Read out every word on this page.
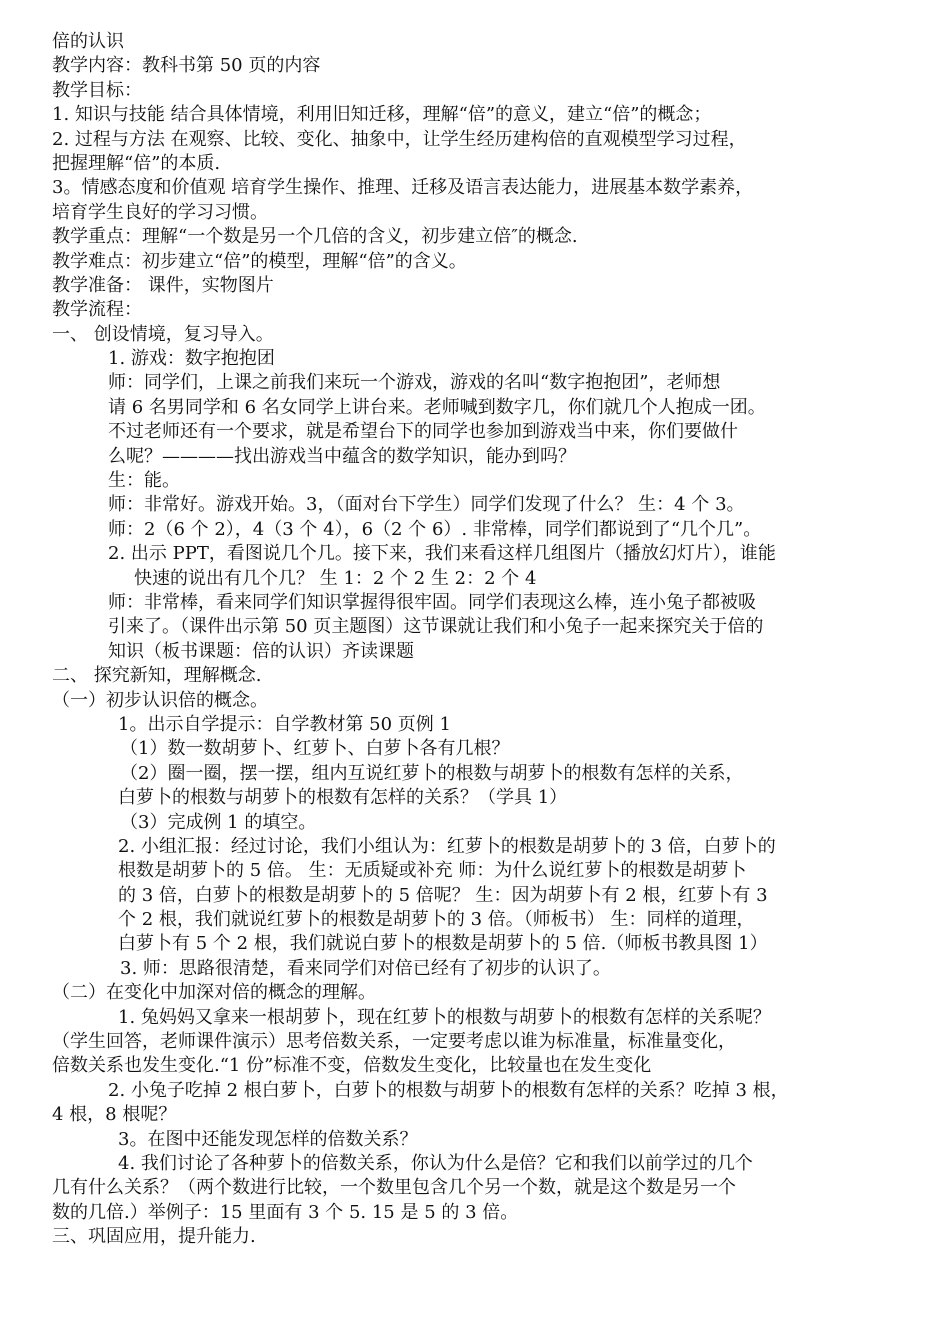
倍的认识
教学内容：教科书第 50 页的内容
教学目标：
1. 知识与技能 结合具体情境，利用旧知迁移，理解“倍”的意义，建立“倍”的概念；
2. 过程与方法 在观察、比较、变化、抽象中，让学生经历建构倍的直观模型学习过程，
把握理解“倍”的本质.
3。情感态度和价值观 培育学生操作、推理、迁移及语言表达能力，进展基本数学素养，
培育学生良好的学习习惯。
教学重点：理解“一个数是另一个几倍的含义，初步建立倍″的概念.
教学难点：初步建立“倍”的模型，理解“倍”的含义。
教学准备： 课件，实物图片
教学流程：
一、 创设情境，复习导入。
1. 游戏：数字抱抱团
师：同学们，上课之前我们来玩一个游戏，游戏的名叫“数字抱抱团”，老师想
请 6 名男同学和 6 名女同学上讲台来。老师喊到数字几，你们就几个人抱成一团。
不过老师还有一个要求，就是希望台下的同学也参加到游戏当中来，你们要做什
么呢？————找出游戏当中蕴含的数学知识，能办到吗？
生：能。
师：非常好。游戏开始。3，（面对台下学生）同学们发现了什么？ 生：4 个 3。
师：2（6 个 2），4（3 个 4），6（2 个 6）. 非常棒，同学们都说到了“几个几”。
2. 出示 PPT，看图说几个几。接下来，我们来看这样几组图片（播放幻灯片），谁能
快速的说出有几个几？ 生 1：2 个 2 生 2：2 个 4
师：非常棒，看来同学们知识掌握得很牢固。同学们表现这么棒，连小兔子都被吸
引来了。（课件出示第 50 页主题图）这节课就让我们和小兔子一起来探究关于倍的
知识（板书课题：倍的认识）齐读课题
二、 探究新知，理解概念.
（一）初步认识倍的概念。
1。出示自学提示：自学教材第 50 页例 1
（1）数一数胡萝卜、红萝卜、白萝卜各有几根？
（2）圈一圈，摆一摆，组内互说红萝卜的根数与胡萝卜的根数有怎样的关系，
白萝卜的根数与胡萝卜的根数有怎样的关系？（学具 1）
（3）完成例 1 的填空。
2. 小组汇报：经过讨论，我们小组认为：红萝卜的根数是胡萝卜的 3 倍，白萝卜的
根数是胡萝卜的 5 倍。 生：无质疑或补充 师：为什么说红萝卜的根数是胡萝卜
的 3 倍，白萝卜的根数是胡萝卜的 5 倍呢？ 生：因为胡萝卜有 2 根，红萝卜有 3
个 2 根，我们就说红萝卜的根数是胡萝卜的 3 倍。（师板书） 生：同样的道理，
白萝卜有 5 个 2 根，我们就说白萝卜的根数是胡萝卜的 5 倍.（师板书教具图 1）
3. 师：思路很清楚，看来同学们对倍已经有了初步的认识了。
（二）在变化中加深对倍的概念的理解。
1. 兔妈妈又拿来一根胡萝卜，现在红萝卜的根数与胡萝卜的根数有怎样的关系呢？
（学生回答，老师课件演示）思考倍数关系，一定要考虑以谁为标准量，标准量变化，
倍数关系也发生变化.“1 份”标准不变，倍数发生变化，比较量也在发生变化
2. 小兔子吃掉 2 根白萝卜，白萝卜的根数与胡萝卜的根数有怎样的关系？吃掉 3 根，
4 根，8 根呢？
3。在图中还能发现怎样的倍数关系？
4. 我们讨论了各种萝卜的倍数关系，你认为什么是倍？它和我们以前学过的几个
几有什么关系？（两个数进行比较，一个数里包含几个另一个数，就是这个数是另一个
数的几倍.）举例子：15 里面有 3 个 5. 15 是 5 的 3 倍。
三、巩固应用，提升能力.
